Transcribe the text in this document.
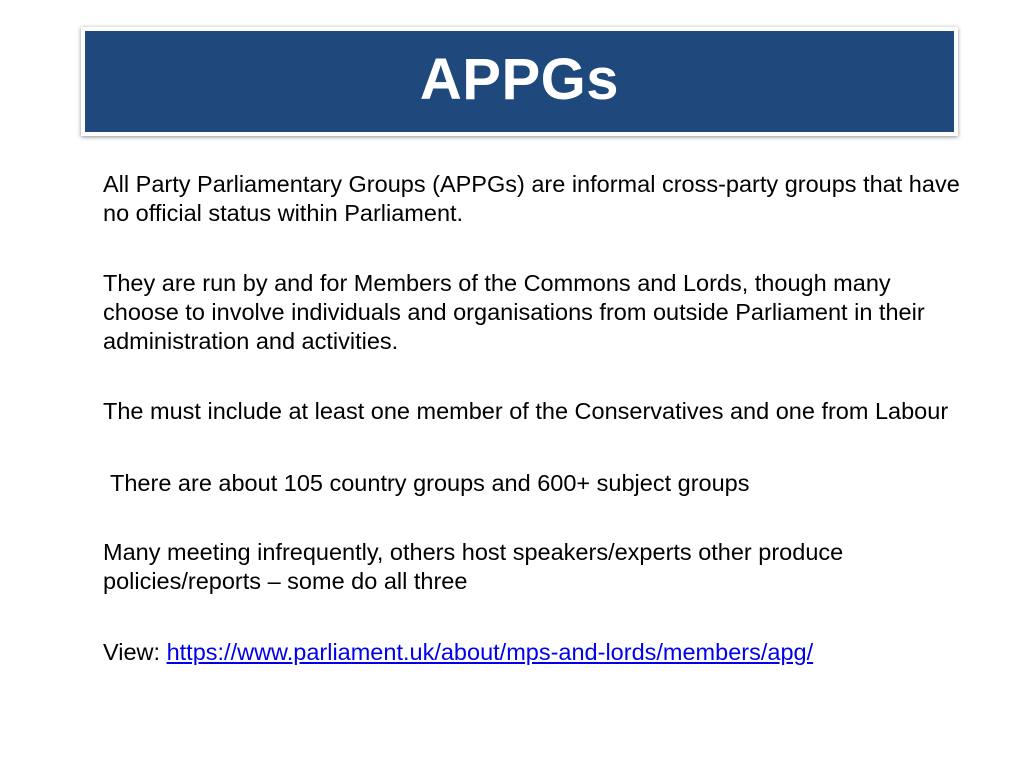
APPGs

All Party Parliamentary Groups (APPGs) are informal cross-party groups that have no official status within Parliament.

They are run by and for Members of the Commons and Lords, though many choose to involve individuals and organisations from outside Parliament in their administration and activities.

The must include at least one member of the Conservatives and one from Labour

There are about 105 country groups and 600+ subject groups

Many meeting infrequently, others host speakers/experts other produce policies/reports – some do all three

View: https://www.parliament.uk/about/mps-and-lords/members/apg/
